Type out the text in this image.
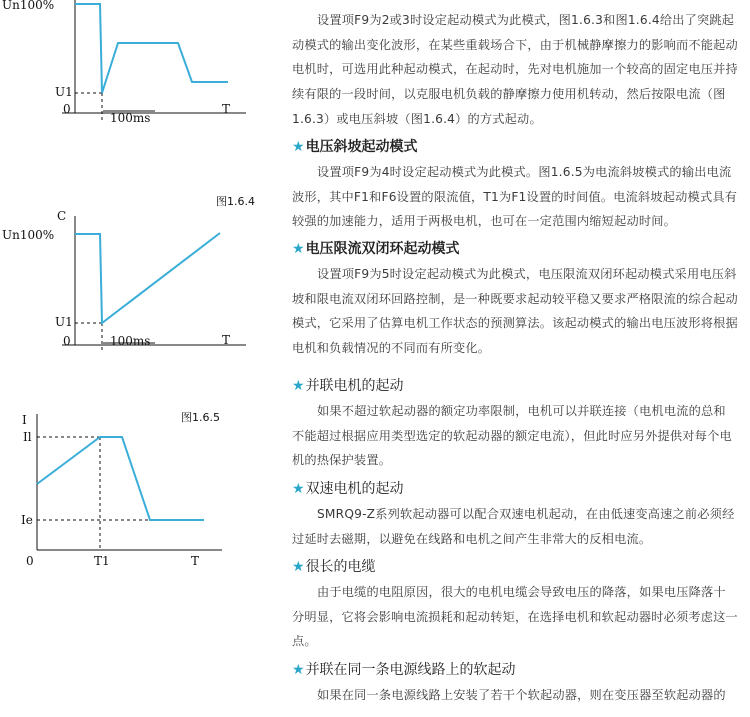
Un100%
U1
0
100ms
T
图1.6.4
C
Un100%
U1
0	100ms	T
图1.6.5
I
Il
Ie
0	T1	T

设置项F9为2或3时设定起动模式为此模式，图1.6.3和图1.6.4给出了突跳起动模式的输出变化波形，在某些重载场合下，由于机械静摩擦力的影响而不能起动电机时，可选用此种起动模式，在起动时，先对电机施加一个较高的固定电压并持续有限的一段时间，以克服电机负载的静摩擦力使用机转动，然后按限电流（图1.6.3）或电压斜坡（图1.6.4）的方式起动。

★电压斜坡起动模式

设置项F9为4时设定起动模式为此模式。图1.6.5为电流斜坡模式的输出电流波形，其中F1和F6设置的限流值，T1为F1设置的时间值。电流斜坡起动模式具有较强的加速能力，适用于两极电机，也可在一定范围内缩短起动时间。

★电压限流双闭环起动模式

设置项F9为5时设定起动模式为此模式，电压限流双闭环起动模式采用电压斜坡和限电流双闭环回路控制，是一种既要求起动较平稳又要求严格限流的综合起动模式，它采用了估算电机工作状态的预测算法。该起动模式的输出电压波形将根据电机和负载情况的不同而有所变化。

★并联电机的起动

如果不超过软起动器的额定功率限制，电机可以并联连接（电机电流的总和不能超过根据应用类型选定的软起动器的额定电流），但此时应另外提供对每个电机的热保护装置。

★双速电机的起动

SMRQ9-Z系列软起动器可以配合双速电机起动，在由低速变高速之前必须经过延时去磁期，以避免在线路和电机之间产生非常大的反相电流。

★很长的电缆

由于电缆的电阻原因，很大的电机电缆会导致电压的降落，如果电压降落十分明显，它将会影响电流损耗和起动转矩，在选择电机和软起动器时必须考虑这一点。

★并联在同一条电源线路上的软起动

如果在同一条电源线路上安装了若干个软起动器，则在变压器至软起动器的
